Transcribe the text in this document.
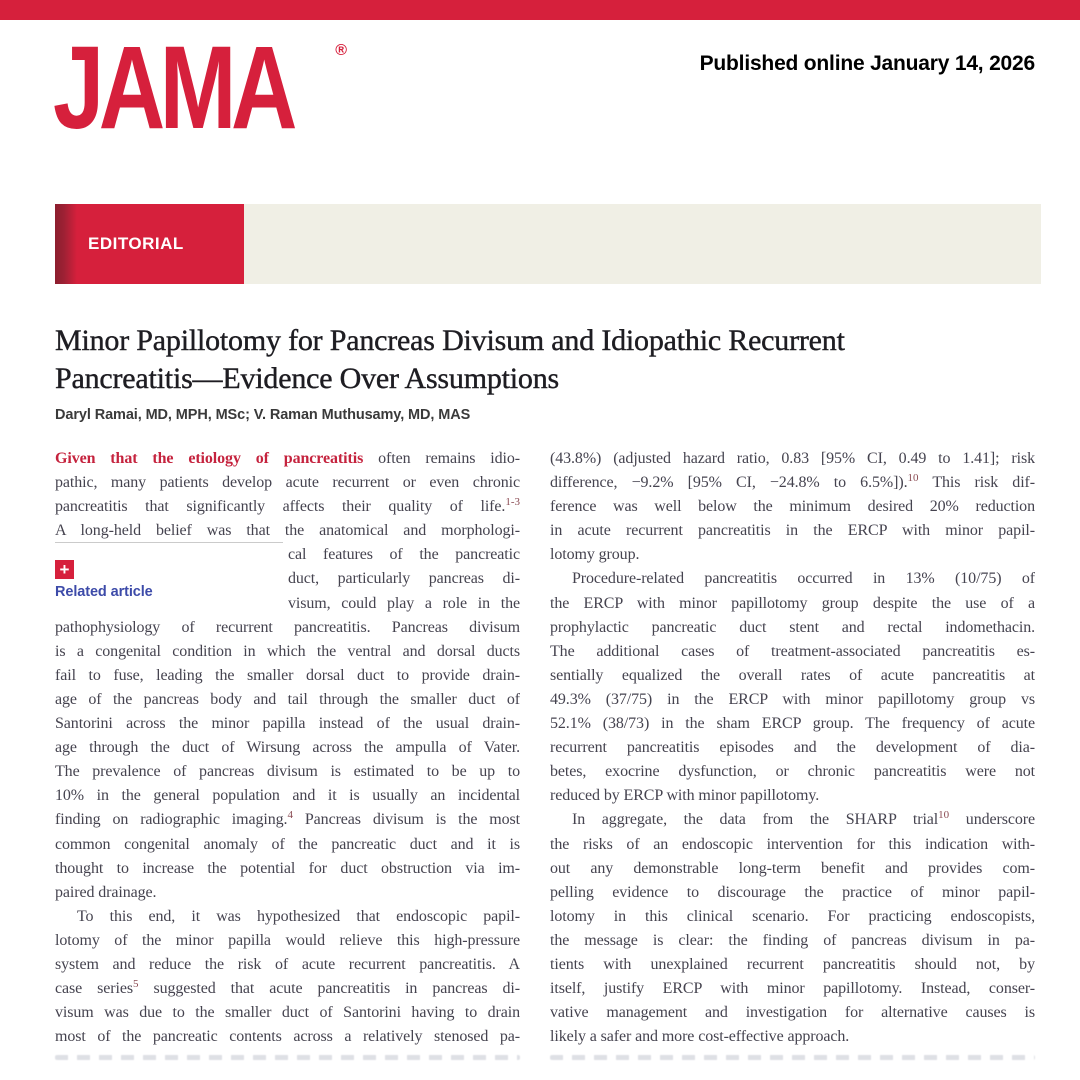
JAMA	®
Published online January 14, 2026
EDITORIAL
Minor Papillotomy for Pancreas Divisum and Idiopathic Recurrent Pancreatitis—Evidence Over Assumptions
Daryl Ramai, MD, MPH, MSc; V. Raman Muthusamy, MD, MAS
Given that the etiology of pancreatitis often remains idio-
pathic, many patients develop acute recurrent or even chronic
pancreatitis that significantly affects their quality of life.$^{1-3}$
A long-held belief was that the anatomical and morphologi-
cal features of the pancreatic
duct, particularly pancreas di-
visum, could play a role in the
pathophysiology of recurrent pancreatitis. Pancreas divisum
is a congenital condition in which the ventral and dorsal ducts
fail to fuse, leading the smaller dorsal duct to provide drain-
age of the pancreas body and tail through the smaller duct of
Santorini across the minor papilla instead of the usual drain-
age through the duct of Wirsung across the ampulla of Vater.
The prevalence of pancreas divisum is estimated to be up to
10% in the general population and it is usually an incidental
finding on radiographic imaging.$^4$ Pancreas divisum is the most
common congenital anomaly of the pancreatic duct and it is
thought to increase the potential for duct obstruction via im-
paired drainage.
To this end, it was hypothesized that endoscopic papil-
lotomy of the minor papilla would relieve this high-pressure
system and reduce the risk of acute recurrent pancreatitis. A
case series$^5$ suggested that acute pancreatitis in pancreas di-
visum was due to the smaller duct of Santorini having to drain
most of the pancreatic contents across a relatively stenosed pa-
(43.8%) (adjusted hazard ratio, 0.83 [95% CI, 0.49 to 1.41]; risk
difference, −9.2% [95% CI, −24.8% to 6.5%]).$^{10}$ This risk dif-
ference was well below the minimum desired 20% reduction
in acute recurrent pancreatitis in the ERCP with minor papil-
lotomy group.
Procedure-related pancreatitis occurred in 13% (10/75) of
the ERCP with minor papillotomy group despite the use of a
prophylactic pancreatic duct stent and rectal indomethacin.
The additional cases of treatment-associated pancreatitis es-
sentially equalized the overall rates of acute pancreatitis at
49.3% (37/75) in the ERCP with minor papillotomy group vs
52.1% (38/73) in the sham ERCP group. The frequency of acute
recurrent pancreatitis episodes and the development of dia-
betes, exocrine dysfunction, or chronic pancreatitis were not
reduced by ERCP with minor papillotomy.
In aggregate, the data from the SHARP trial$^{10}$ underscore
the risks of an endoscopic intervention for this indication with-
out any demonstrable long-term benefit and provides com-
pelling evidence to discourage the practice of minor papil-
lotomy in this clinical scenario. For practicing endoscopists,
the message is clear: the finding of pancreas divisum in pa-
tients with unexplained recurrent pancreatitis should not, by
itself, justify ERCP with minor papillotomy. Instead, conser-
vative management and investigation for alternative causes is
likely a safer and more cost-effective approach.
+
Related article
